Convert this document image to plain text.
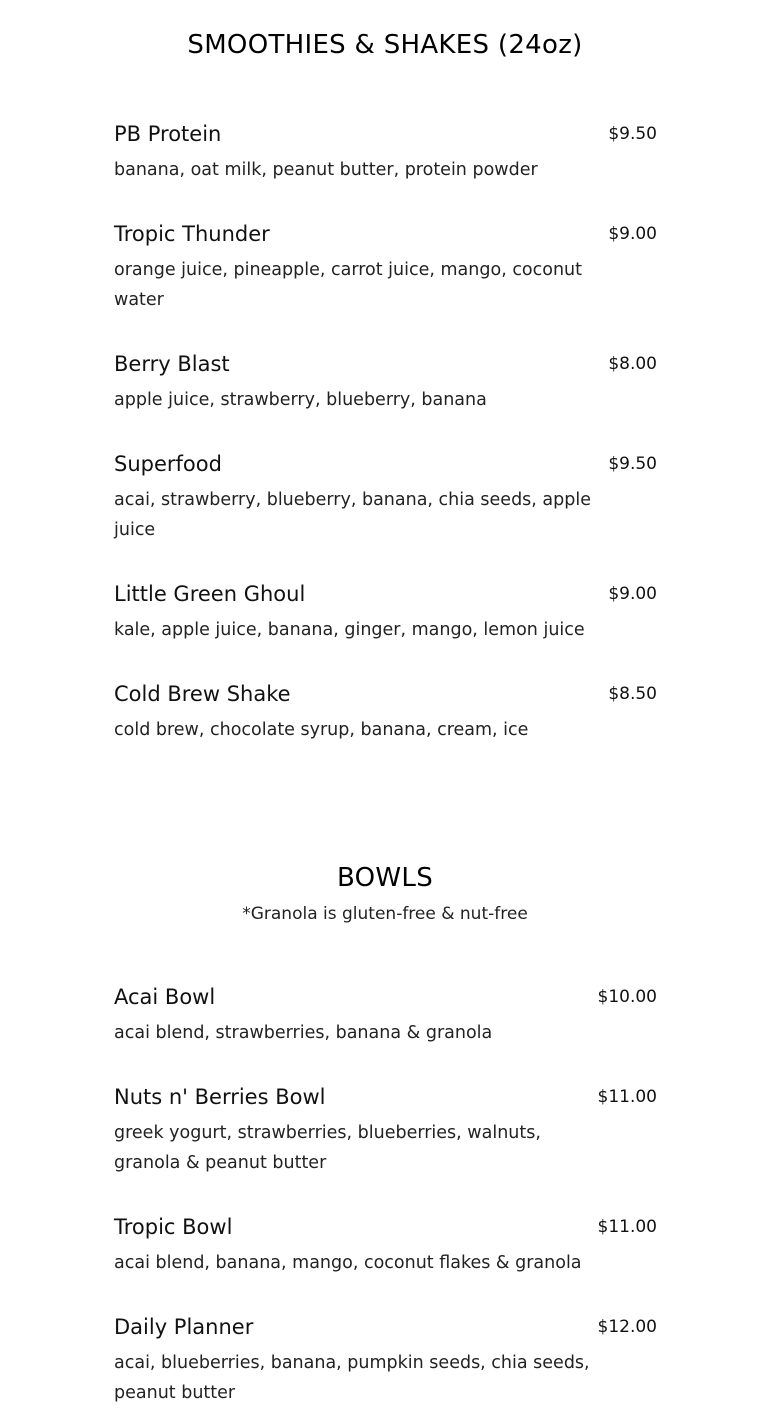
SMOOTHIES & SHAKES (24oz)
PB Protein	$9.50
banana, oat milk, peanut butter, protein powder
Tropic Thunder	$9.00
orange juice, pineapple, carrot juice, mango, coconut water
Berry Blast	$8.00
apple juice, strawberry, blueberry, banana
Superfood	$9.50
acai, strawberry, blueberry, banana, chia seeds, apple juice
Little Green Ghoul	$9.00
kale, apple juice, banana, ginger, mango, lemon juice
Cold Brew Shake	$8.50
cold brew, chocolate syrup, banana, cream, ice
BOWLS
*Granola is gluten-free & nut-free
Acai Bowl	$10.00
acai blend, strawberries, banana & granola
Nuts n' Berries Bowl	$11.00
greek yogurt, strawberries, blueberries, walnuts, granola & peanut butter
Tropic Bowl	$11.00
acai blend, banana, mango, coconut flakes & granola
Daily Planner	$12.00
acai, blueberries, banana, pumpkin seeds, chia seeds, peanut butter
